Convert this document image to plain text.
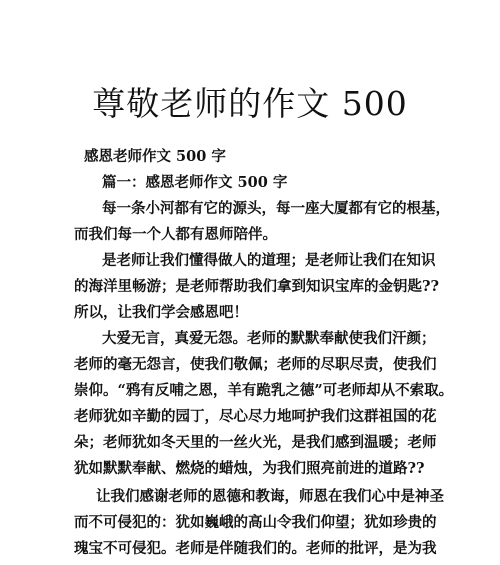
尊敬老师的作文 500
感恩老师作文 500 字
篇一：感恩老师作文 500 字
每一条小河都有它的源头，每一座大厦都有它的根基，
而我们每一个人都有恩师陪伴。
是老师让我们懂得做人的道理；是老师让我们在知识
的海洋里畅游；是老师帮助我们拿到知识宝库的金钥匙??
所以，让我们学会感恩吧！
大爱无言，真爱无怨。老师的默默奉献使我们汗颜；
老师的毫无怨言，使我们敬佩；老师的尽职尽责，使我们
崇仰。“鸦有反哺之恩，羊有跪乳之德”可老师却从不索取。
老师犹如辛勤的园丁，尽心尽力地呵护我们这群祖国的花
朵；老师犹如冬天里的一丝火光，是我们感到温暖；老师
犹如默默奉献、燃烧的蜡烛，为我们照亮前进的道路??
让我们感谢老师的恩德和教诲，师恩在我们心中是神圣
而不可侵犯的：犹如巍峨的高山令我们仰望；犹如珍贵的
瑰宝不可侵犯。老师是伴随我们的。老师的批评，是为我
